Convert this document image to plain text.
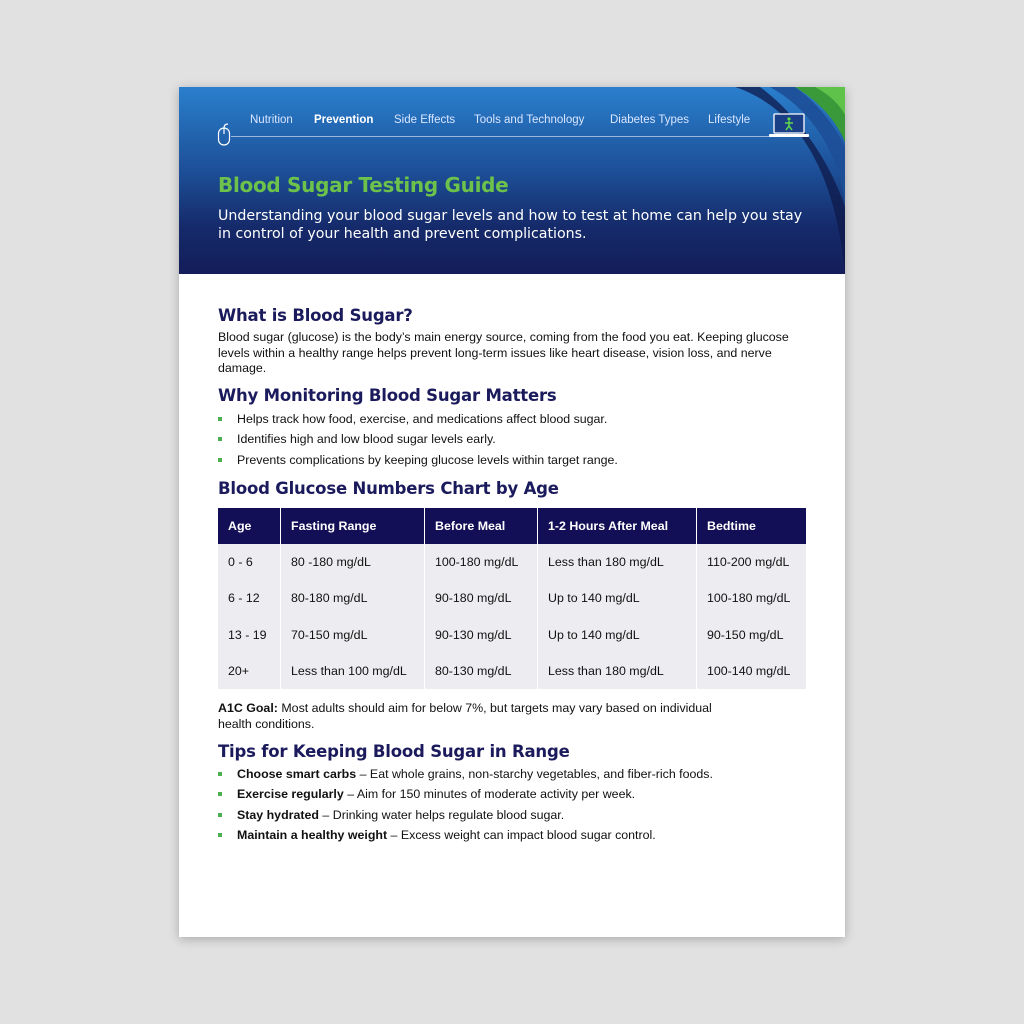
Nutrition Prevention Side Effects Tools and Technology Diabetes Types Lifestyle
Blood Sugar Testing Guide
Understanding your blood sugar levels and how to test at home can help you stay in control of your health and prevent complications.
What is Blood Sugar?
Blood sugar (glucose) is the body’s main energy source, coming from the food you eat. Keeping glucose levels within a healthy range helps prevent long-term issues like heart disease, vision loss, and nerve damage.
Why Monitoring Blood Sugar Matters
Helps track how food, exercise, and medications affect blood sugar.
Identifies high and low blood sugar levels early.
Prevents complications by keeping glucose levels within target range.
Blood Glucose Numbers Chart by Age
Age	Fasting Range	Before Meal	1-2 Hours After Meal	Bedtime
0 - 6	80 -180 mg/dL	100-180 mg/dL	Less than 180 mg/dL	110-200 mg/dL
6 - 12	80-180 mg/dL	90-180 mg/dL	Up to 140 mg/dL	100-180 mg/dL
13 - 19	70-150 mg/dL	90-130 mg/dL	Up to 140 mg/dL	90-150 mg/dL
20+	Less than 100 mg/dL	80-130 mg/dL	Less than 180 mg/dL	100-140 mg/dL
A1C Goal: Most adults should aim for below 7%, but targets may vary based on individual health conditions.
Tips for Keeping Blood Sugar in Range
Choose smart carbs – Eat whole grains, non-starchy vegetables, and fiber-rich foods.
Exercise regularly – Aim for 150 minutes of moderate activity per week.
Stay hydrated – Drinking water helps regulate blood sugar.
Maintain a healthy weight – Excess weight can impact blood sugar control.
